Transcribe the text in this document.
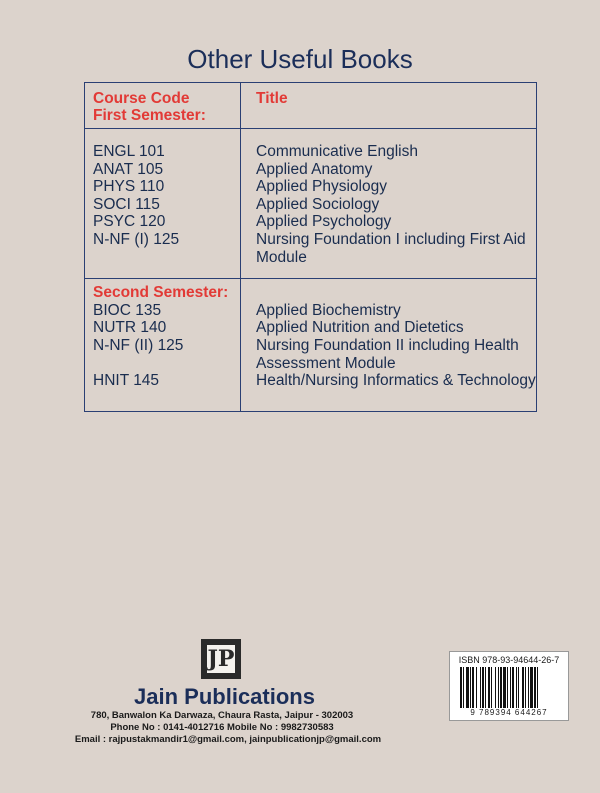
Other Useful Books
Course Code
First Semester:
Title
ENGL 101	Communicative English
ANAT 105	Applied Anatomy
PHYS 110	Applied Physiology
SOCI 115	Applied Sociology
PSYC 120	Applied Psychology
N-NF (I) 125	Nursing Foundation I including First Aid Module
Second Semester:
BIOC 135	Applied Biochemistry
NUTR 140	Applied Nutrition and Dietetics
N-NF (II) 125	Nursing Foundation II including Health Assessment Module
HNIT 145	Health/Nursing Informatics & Technology
JP
Jain Publications
780, Banwalon Ka Darwaza, Chaura Rasta, Jaipur - 302003
Phone No : 0141-4012716 Mobile No : 9982730583
Email : rajpustakmandir1@gmail.com, jainpublicationjp@gmail.com
ISBN 978-93-94644-26-7
9 789394 644267
